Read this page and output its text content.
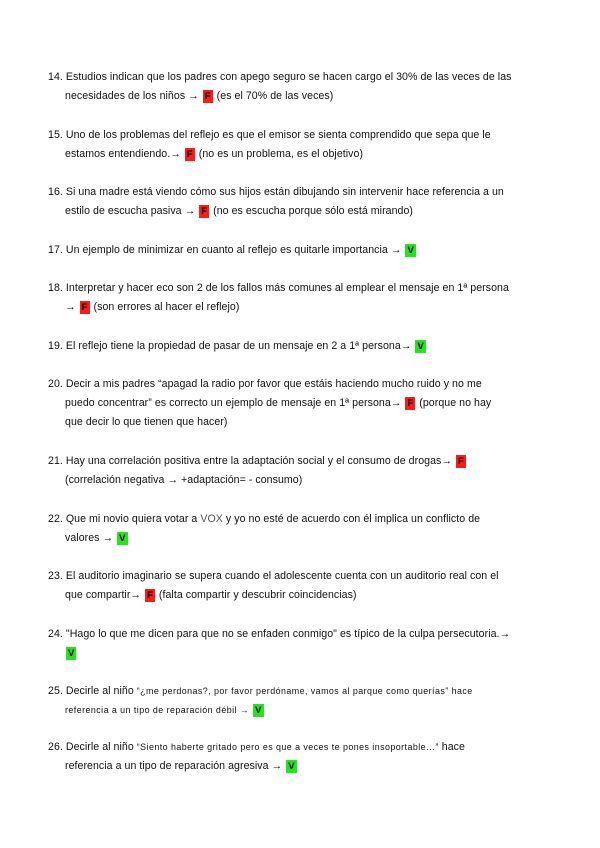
14. Estudios indican que los padres con apego seguro se hacen cargo el 30% de las veces de las
necesidades de los niños → F (es el 70% de las veces)
15. Uno de los problemas del reflejo es que el emisor se sienta comprendido que sepa que le
estamos entendiendo.→ F (no es un problema, es el objetivo)
16. Si una madre está viendo cómo sus hijos están dibujando sin intervenir hace referencia a un
estilo de escucha pasiva → F (no es escucha porque sólo está mirando)
17. Un ejemplo de minimizar en cuanto al reflejo es quitarle importancia → V
18. Interpretar y hacer eco son 2 de los fallos más comunes al emplear el mensaje en 1ª persona
→ F (son errores al hacer el reflejo)
19. El reflejo tiene la propiedad de pasar de un mensaje en 2 a 1ª persona→ V
20. Decir a mis padres “apagad la radio por favor que estáis haciendo mucho ruido y no me
puedo concentrar” es correcto un ejemplo de mensaje en 1ª persona→ F (porque no hay
que decir lo que tienen que hacer)
21. Hay una correlación positiva entre la adaptación social y el consumo de drogas→ F
(correlación negativa → +adaptación= - consumo)
22. Que mi novio quiera votar a VOX y yo no esté de acuerdo con él implica un conflicto de
valores → V
23. El auditorio imaginario se supera cuando el adolescente cuenta con un auditorio real con el
que compartir→ F (falta compartir y descubrir coincidencias)
24. "Hago lo que me dicen para que no se enfaden conmigo" es típico de la culpa persecutoria.→
V
25. Decirle al niño “¿me perdonas?, por favor perdóname, vamos al parque como querías” hace
referencia a un tipo de reparación débil → V
26. Decirle al niño “Siento haberte gritado pero es que a veces te pones insoportable…” hace
referencia a un tipo de reparación agresiva → V
